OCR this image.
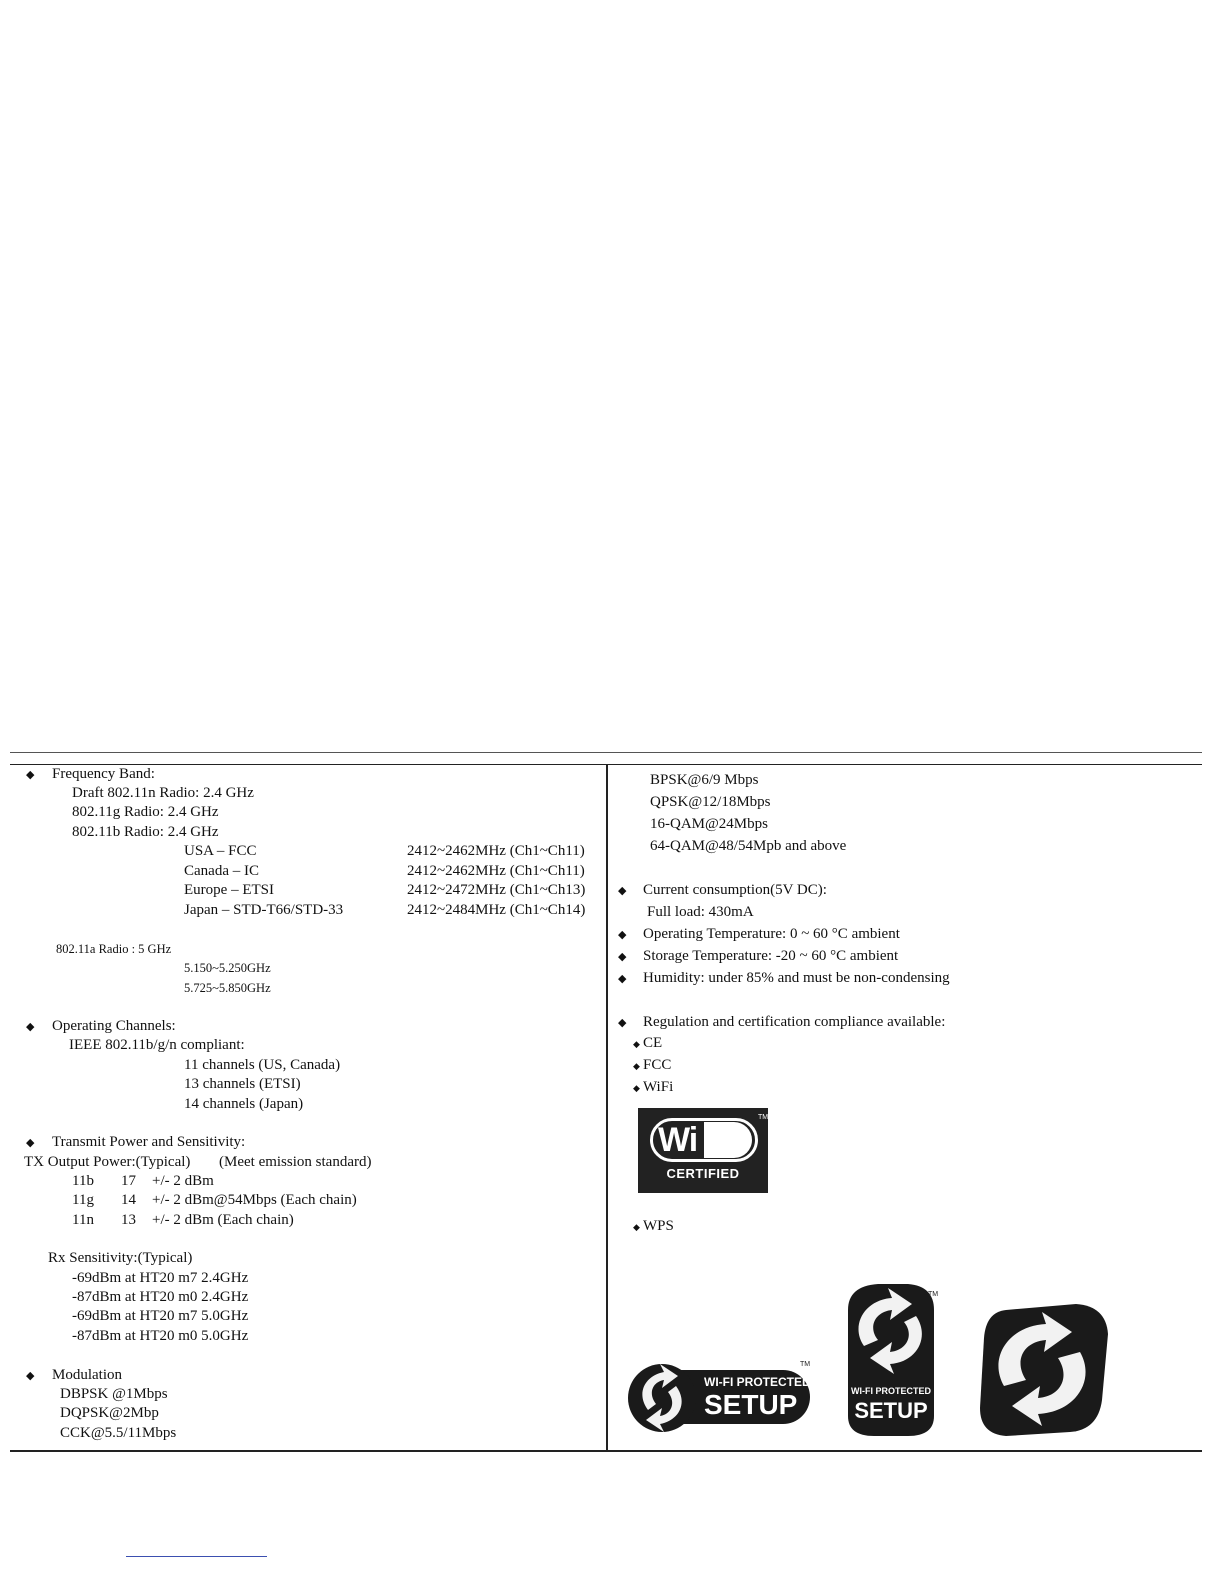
◆ Frequency Band:
Draft 802.11n Radio: 2.4 GHz
802.11g Radio: 2.4 GHz
802.11b Radio: 2.4 GHz
USA – FCC	2412~2462MHz (Ch1~Ch11)
Canada – IC	2412~2462MHz (Ch1~Ch11)
Europe – ETSI	2412~2472MHz (Ch1~Ch13)
Japan – STD-T66/STD-33	2412~2484MHz (Ch1~Ch14)
802.11a Radio : 5 GHz
5.150~5.250GHz
5.725~5.850GHz
◆ Operating Channels:
IEEE 802.11b/g/n compliant:
11 channels (US, Canada)
13 channels (ETSI)
14 channels (Japan)
◆ Transmit Power and Sensitivity:
TX Output Power:(Typical) (Meet emission standard)
11b 17 +/- 2 dBm
11g 14 +/- 2 dBm@54Mbps (Each chain)
11n 13 +/- 2 dBm (Each chain)
Rx Sensitivity:(Typical)
-69dBm at HT20 m7 2.4GHz
-87dBm at HT20 m0 2.4GHz
-69dBm at HT20 m7 5.0GHz
-87dBm at HT20 m0 5.0GHz
◆ Modulation
DBPSK @1Mbps
DQPSK@2Mbp
CCK@5.5/11Mbps
BPSK@6/9 Mbps
QPSK@12/18Mbps
16-QAM@24Mbps
64-QAM@48/54Mpb and above
◆ Current consumption(5V DC):
Full load: 430mA
◆ Operating Temperature: 0 ~ 60 °C ambient
◆ Storage Temperature: -20 ~ 60 °C ambient
◆ Humidity: under 85% and must be non-condensing
◆ Regulation and certification compliance available:
◆ CE
◆ FCC
◆ WiFi
Wi Fi
CERTIFIED
TM
◆ WPS
WI-FI PROTECTED
SETUP
TM
WI-FI PROTECTED
SETUP
TM
